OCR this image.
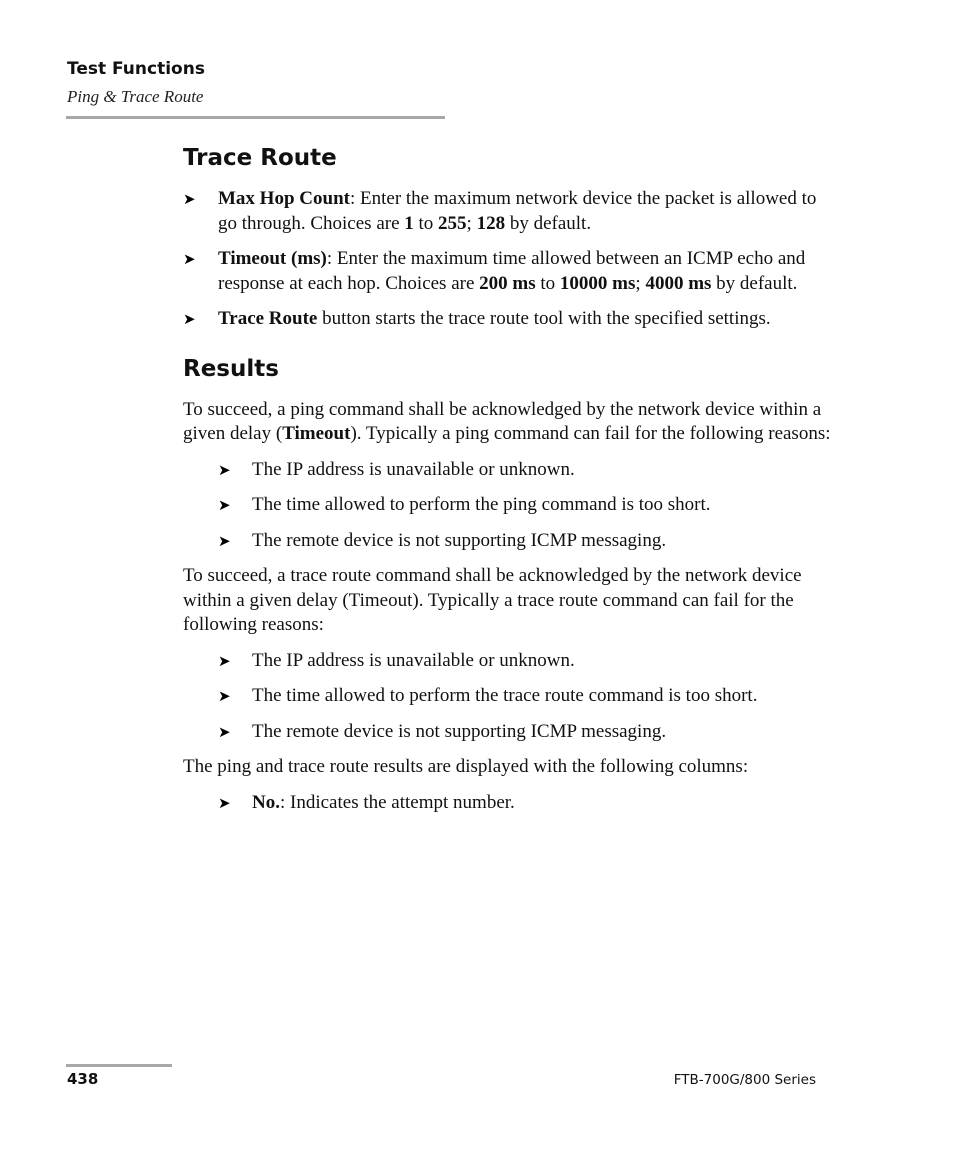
Test Functions
Ping & Trace Route
Trace Route
➤ Max Hop Count: Enter the maximum network device the packet is allowed to go through. Choices are 1 to 255; 128 by default.
➤ Timeout (ms): Enter the maximum time allowed between an ICMP echo and response at each hop. Choices are 200 ms to 10000 ms; 4000 ms by default.
➤ Trace Route button starts the trace route tool with the specified settings.
Results

To succeed, a ping command shall be acknowledged by the network device within a given delay (Timeout). Typically a ping command can fail for the following reasons:

➤ The IP address is unavailable or unknown.
➤ The time allowed to perform the ping command is too short.
➤ The remote device is not supporting ICMP messaging.

To succeed, a trace route command shall be acknowledged by the network device within a given delay (Timeout). Typically a trace route command can fail for the following reasons:

➤ The IP address is unavailable or unknown.
➤ The time allowed to perform the trace route command is too short.
➤ The remote device is not supporting ICMP messaging.

The ping and trace route results are displayed with the following columns:

➤ No.: Indicates the attempt number.
438	FTB-700G/800 Series
